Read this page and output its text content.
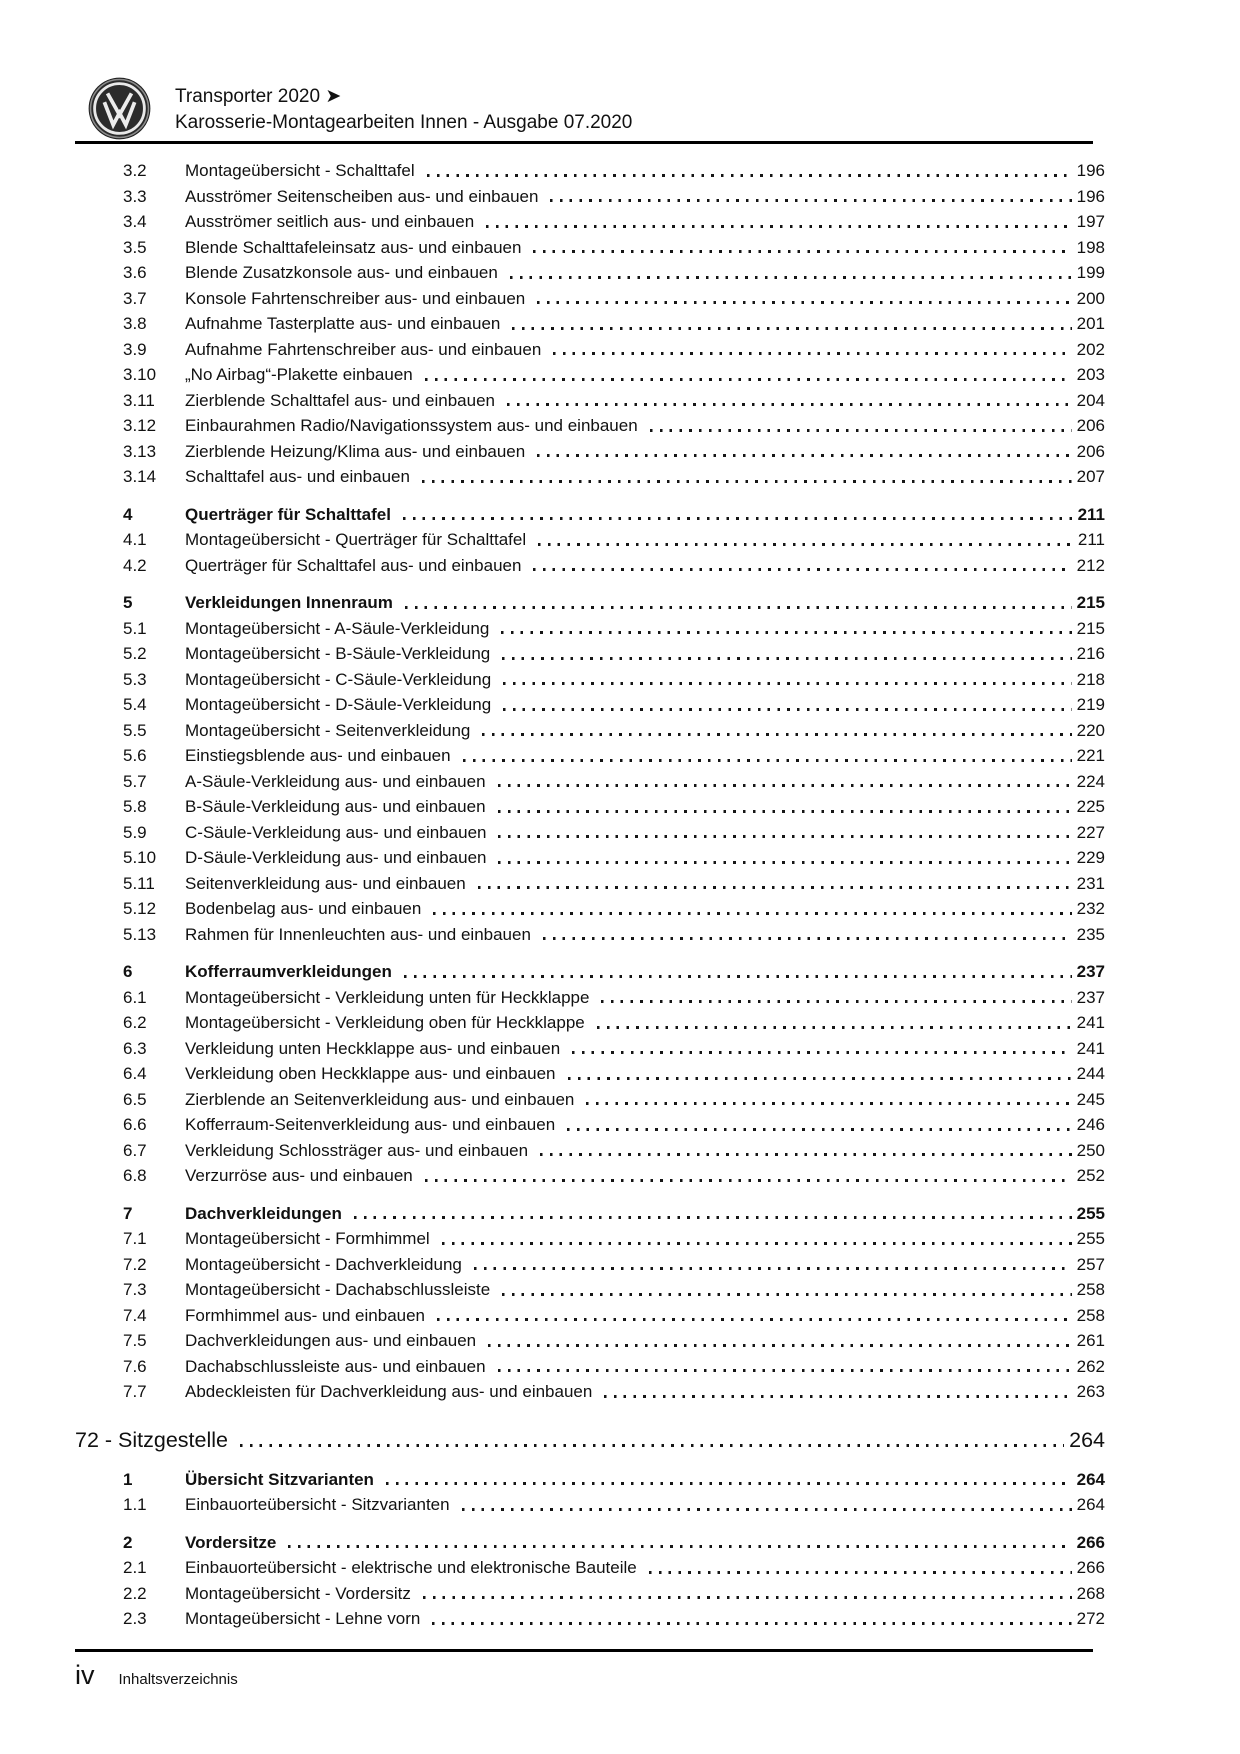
Transporter 2020 ➤
Karosserie-Montagearbeiten Innen - Ausgabe 07.2020
3.2	Montageübersicht - Schalttafel	196
3.3	Ausströmer Seitenscheiben aus- und einbauen	196
3.4	Ausströmer seitlich aus- und einbauen	197
3.5	Blende Schalttafeleinsatz aus- und einbauen	198
3.6	Blende Zusatzkonsole aus- und einbauen	199
3.7	Konsole Fahrtenschreiber aus- und einbauen	200
3.8	Aufnahme Tasterplatte aus- und einbauen	201
3.9	Aufnahme Fahrtenschreiber aus- und einbauen	202
3.10	„No Airbag“-Plakette einbauen	203
3.11	Zierblende Schalttafel aus- und einbauen	204
3.12	Einbaurahmen Radio/Navigationssystem aus- und einbauen	206
3.13	Zierblende Heizung/Klima aus- und einbauen	206
3.14	Schalttafel aus- und einbauen	207
4	Querträger für Schalttafel	211
4.1	Montageübersicht - Querträger für Schalttafel	211
4.2	Querträger für Schalttafel aus- und einbauen	212
5	Verkleidungen Innenraum	215
5.1	Montageübersicht - A-Säule-Verkleidung	215
5.2	Montageübersicht - B-Säule-Verkleidung	216
5.3	Montageübersicht - C-Säule-Verkleidung	218
5.4	Montageübersicht - D-Säule-Verkleidung	219
5.5	Montageübersicht - Seitenverkleidung	220
5.6	Einstiegsblende aus- und einbauen	221
5.7	A-Säule-Verkleidung aus- und einbauen	224
5.8	B-Säule-Verkleidung aus- und einbauen	225
5.9	C-Säule-Verkleidung aus- und einbauen	227
5.10	D-Säule-Verkleidung aus- und einbauen	229
5.11	Seitenverkleidung aus- und einbauen	231
5.12	Bodenbelag aus- und einbauen	232
5.13	Rahmen für Innenleuchten aus- und einbauen	235
6	Kofferraumverkleidungen	237
6.1	Montageübersicht - Verkleidung unten für Heckklappe	237
6.2	Montageübersicht - Verkleidung oben für Heckklappe	241
6.3	Verkleidung unten Heckklappe aus- und einbauen	241
6.4	Verkleidung oben Heckklappe aus- und einbauen	244
6.5	Zierblende an Seitenverkleidung aus- und einbauen	245
6.6	Kofferraum-Seitenverkleidung aus- und einbauen	246
6.7	Verkleidung Schlossträger aus- und einbauen	250
6.8	Verzurröse aus- und einbauen	252
7	Dachverkleidungen	255
7.1	Montageübersicht - Formhimmel	255
7.2	Montageübersicht - Dachverkleidung	257
7.3	Montageübersicht - Dachabschlussleiste	258
7.4	Formhimmel aus- und einbauen	258
7.5	Dachverkleidungen aus- und einbauen	261
7.6	Dachabschlussleiste aus- und einbauen	262
7.7	Abdeckleisten für Dachverkleidung aus- und einbauen	263
72 - Sitzgestelle	264
1	Übersicht Sitzvarianten	264
1.1	Einbauorteübersicht - Sitzvarianten	264
2	Vordersitze	266
2.1	Einbauorteübersicht - elektrische und elektronische Bauteile	266
2.2	Montageübersicht - Vordersitz	268
2.3	Montageübersicht - Lehne vorn	272
iv Inhaltsverzeichnis
